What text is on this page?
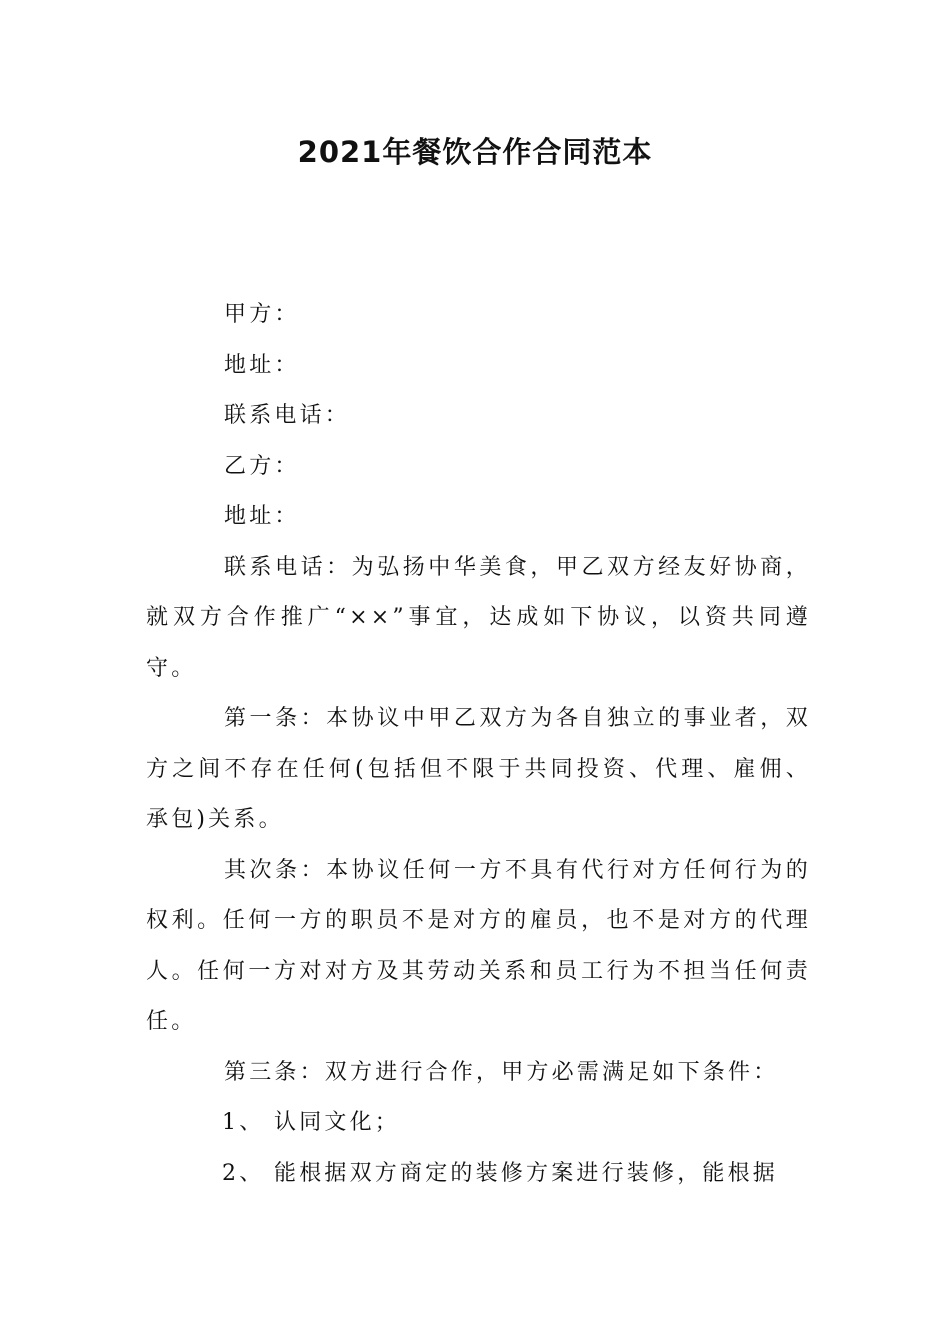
2021年餐饮合作合同范本
甲方：
地址：
联系电话：
乙方：
地址：

联系电话：为弘扬中华美食，甲乙双方经友好协商，就双方合作推广“××”事宜，达成如下协议，以资共同遵守。

第一条：本协议中甲乙双方为各自独立的事业者，双方之间不存在任何(包括但不限于共同投资、代理、雇佣、承包)关系。

其次条：本协议任何一方不具有代行对方任何行为的权利。任何一方的职员不是对方的雇员，也不是对方的代理人。任何一方对对方及其劳动关系和员工行为不担当任何责任。

第三条：双方进行合作，甲方必需满足如下条件：
1、 认同文化；
2、 能根据双方商定的装修方案进行装修，能根据
